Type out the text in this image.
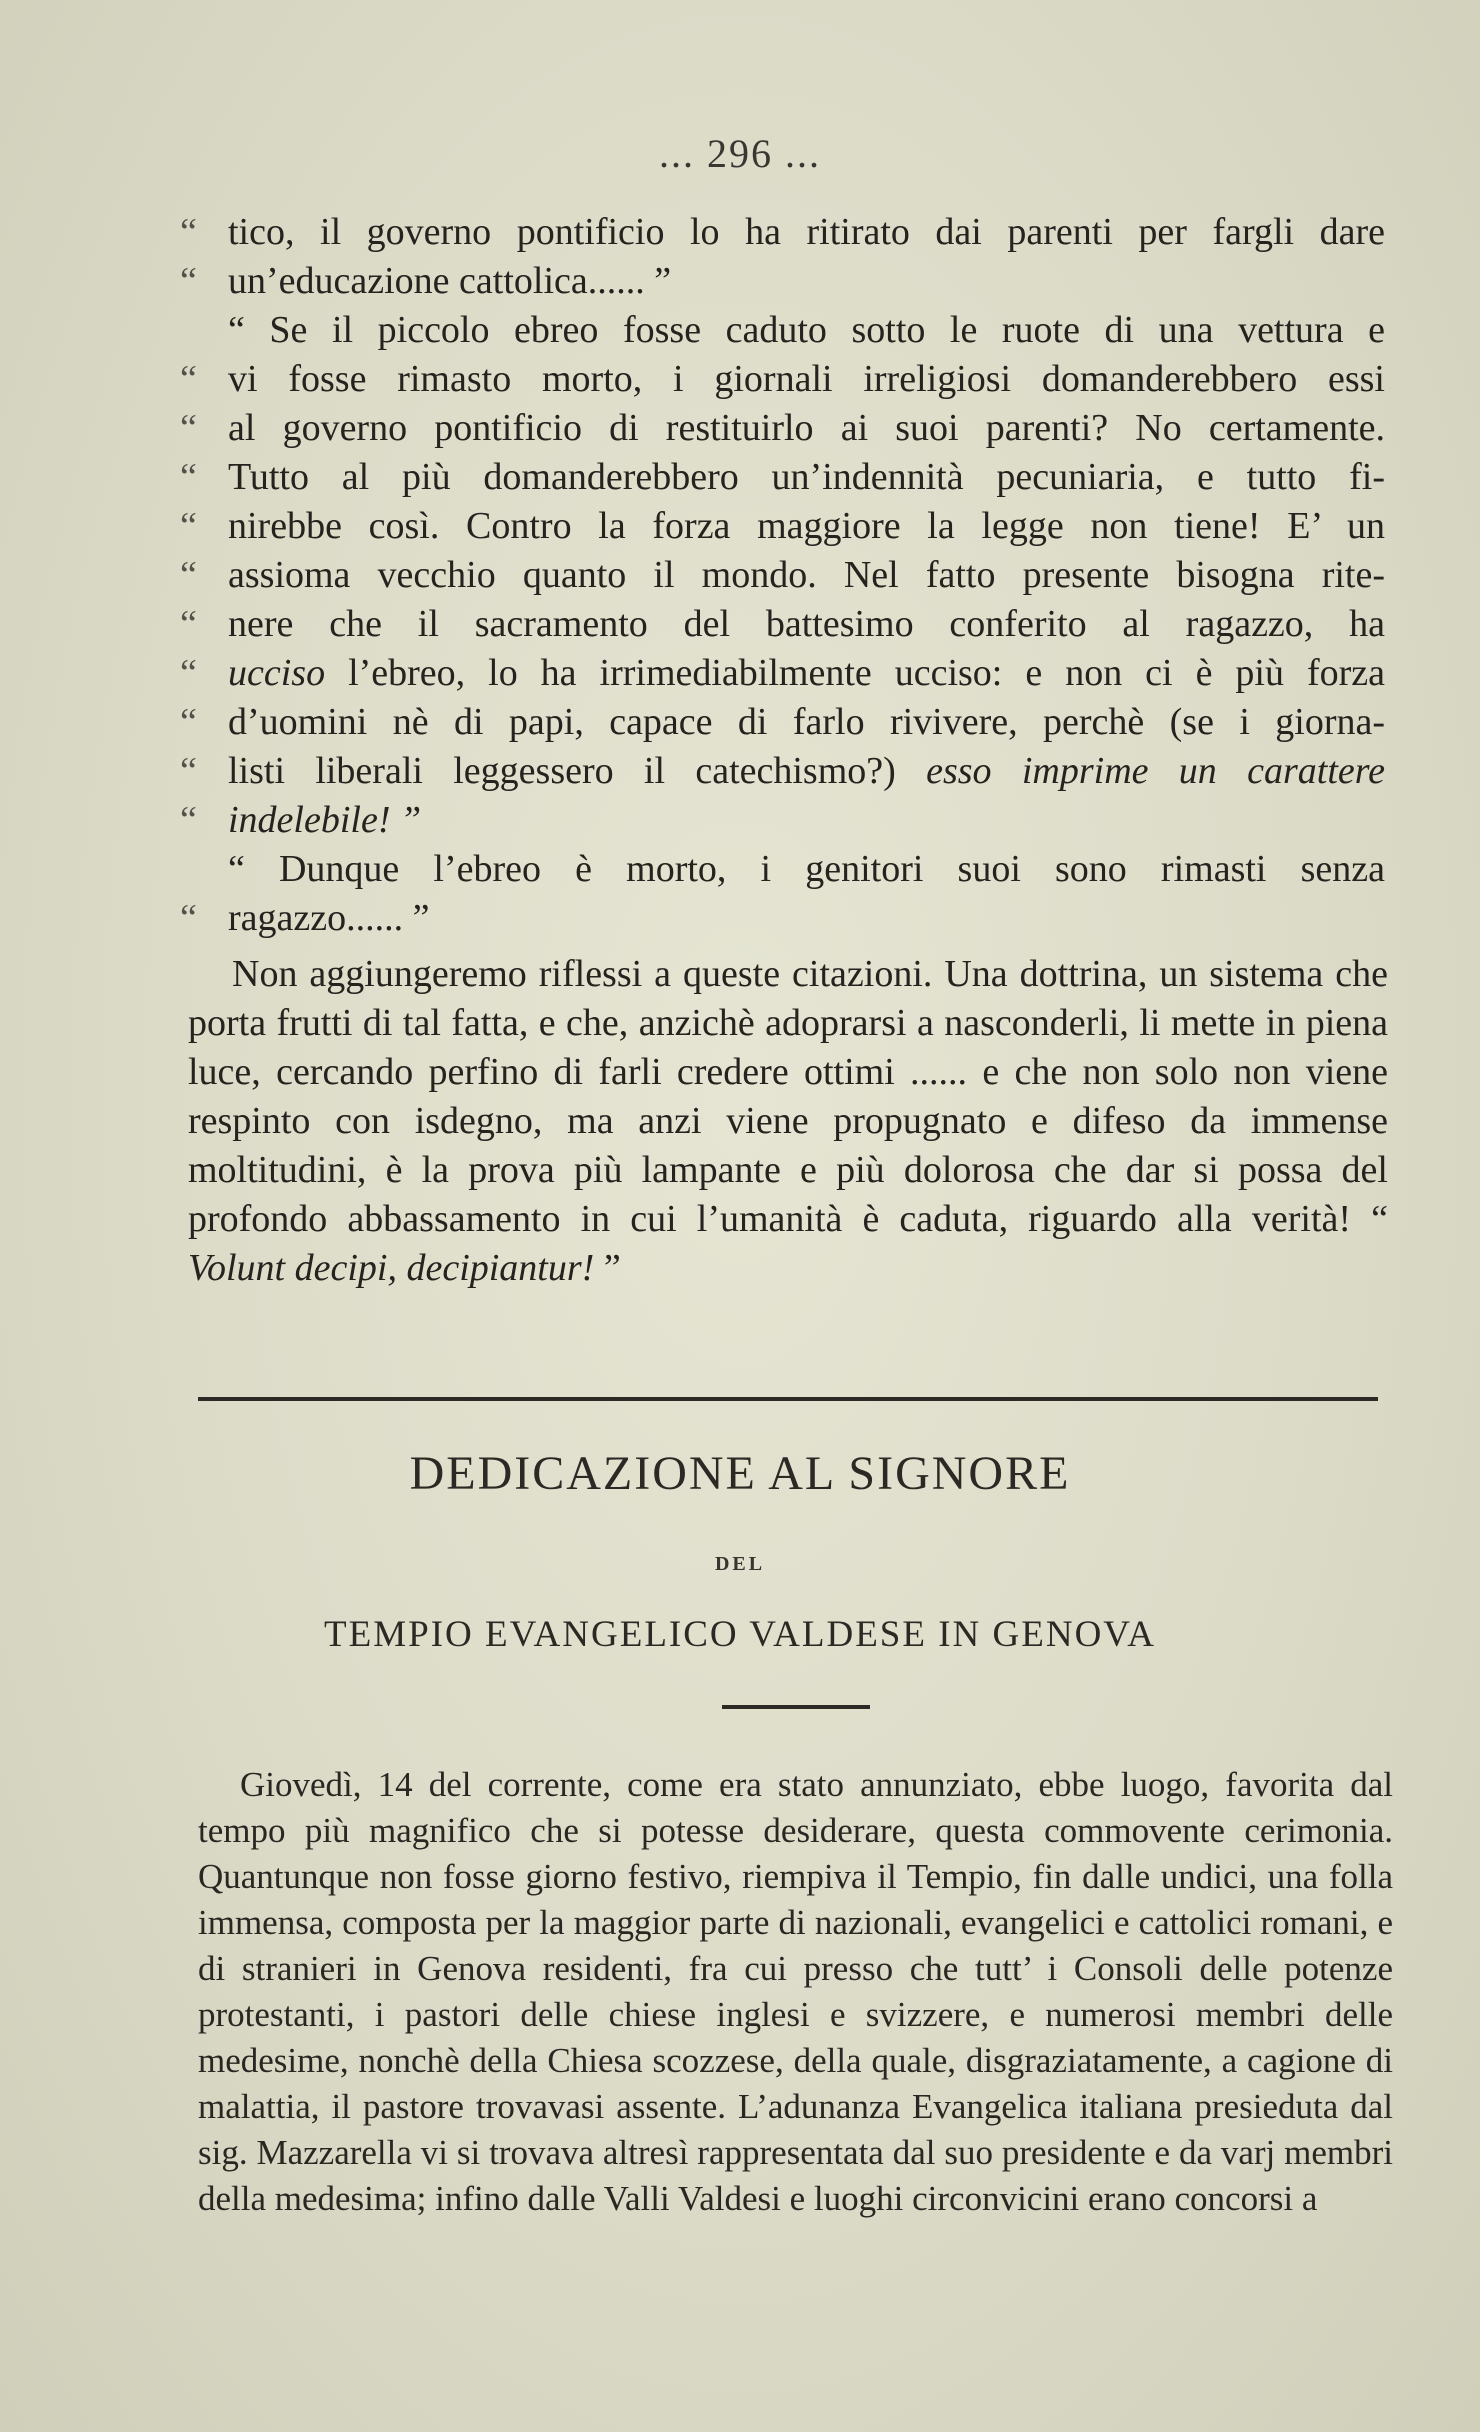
... 296 ...
“ tico, il governo pontificio lo ha ritirato dai parenti per fargli dare
“ un’educazione cattolica...... ”
“ Se il piccolo ebreo fosse caduto sotto le ruote di una vettura e
“ vi fosse rimasto morto, i giornali irreligiosi domanderebbero essi
“ al governo pontificio di restituirlo ai suoi parenti? No certamente.
“ Tutto al più domanderebbero un’indennità pecuniaria, e tutto fi-
“ nirebbe così. Contro la forza maggiore la legge non tiene! E’ un
“ assioma vecchio quanto il mondo. Nel fatto presente bisogna rite-
“ nere che il sacramento del battesimo conferito al ragazzo, ha
“ ucciso l’ebreo, lo ha irrimediabilmente ucciso: e non ci è più forza
“ d’uomini nè di papi, capace di farlo rivivere, perchè (se i giorna-
“ listi liberali leggessero il catechismo?) esso imprime un carattere
“ indelebile! ”
“ Dunque l’ebreo è morto, i genitori suoi sono rimasti senza
“ ragazzo...... ”
Non aggiungeremo riflessi a queste citazioni. Una dottrina, un sistema che porta frutti di tal fatta, e che, anzichè adoprarsi a nasconderli, li mette in piena luce, cercando perfino di farli credere ottimi ...... e che non solo non viene respinto con isdegno, ma anzi viene propugnato e difeso da immense moltitudini, è la prova più lampante e più dolorosa che dar si possa del profondo abbassamento in cui l’umanità è caduta, riguardo alla verità! “ Volunt decipi, decipiantur! ”
DEDICAZIONE AL SIGNORE
DEL
TEMPIO EVANGELICO VALDESE IN GENOVA
Giovedì, 14 del corrente, come era stato annunziato, ebbe luogo, favorita dal tempo più magnifico che si potesse desiderare, questa commovente cerimonia. Quantunque non fosse giorno festivo, riempiva il Tempio, fin dalle undici, una folla immensa, composta per la maggior parte di nazionali, evangelici e cattolici romani, e di stranieri in Genova residenti, fra cui presso che tutt’ i Consoli delle potenze protestanti, i pastori delle chiese inglesi e svizzere, e numerosi membri delle medesime, nonchè della Chiesa scozzese, della quale, disgraziatamente, a cagione di malattia, il pastore trovavasi assente. L’adunanza Evangelica italiana presieduta dal sig. Mazzarella vi si trovava altresì rappresentata dal suo presidente e da varj membri della medesima; infino dalle Valli Valdesi e luoghi circonvicini erano concorsi a
